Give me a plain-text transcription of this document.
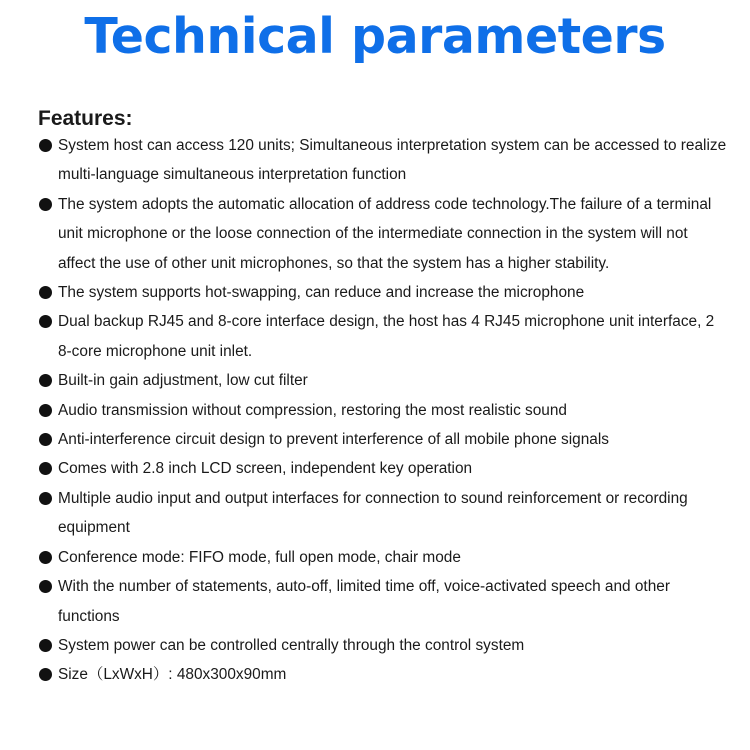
Technical parameters
Features:
System host can access 120 units; Simultaneous interpretation system can be accessed to realize multi-language simultaneous interpretation function
The system adopts the automatic allocation of address code technology.The failure of a terminal unit microphone or the loose connection of the intermediate connection in the system will not affect the use of other unit microphones, so that the system has a higher stability.
The system supports hot-swapping, can reduce and increase the microphone
Dual backup RJ45 and 8-core interface design, the host has 4 RJ45 microphone unit interface, 2 8-core microphone unit inlet.
Built-in gain adjustment, low cut filter
Audio transmission without compression, restoring the most realistic sound
Anti-interference circuit design to prevent interference of all mobile phone signals
Comes with 2.8 inch LCD screen, independent key operation
Multiple audio input and output interfaces for connection to sound reinforcement or recording equipment
Conference mode: FIFO mode, full open mode, chair mode
With the number of statements, auto-off, limited time off, voice-activated speech and other functions
System power can be controlled centrally through the control system
Size（LxWxH）: 480x300x90mm
